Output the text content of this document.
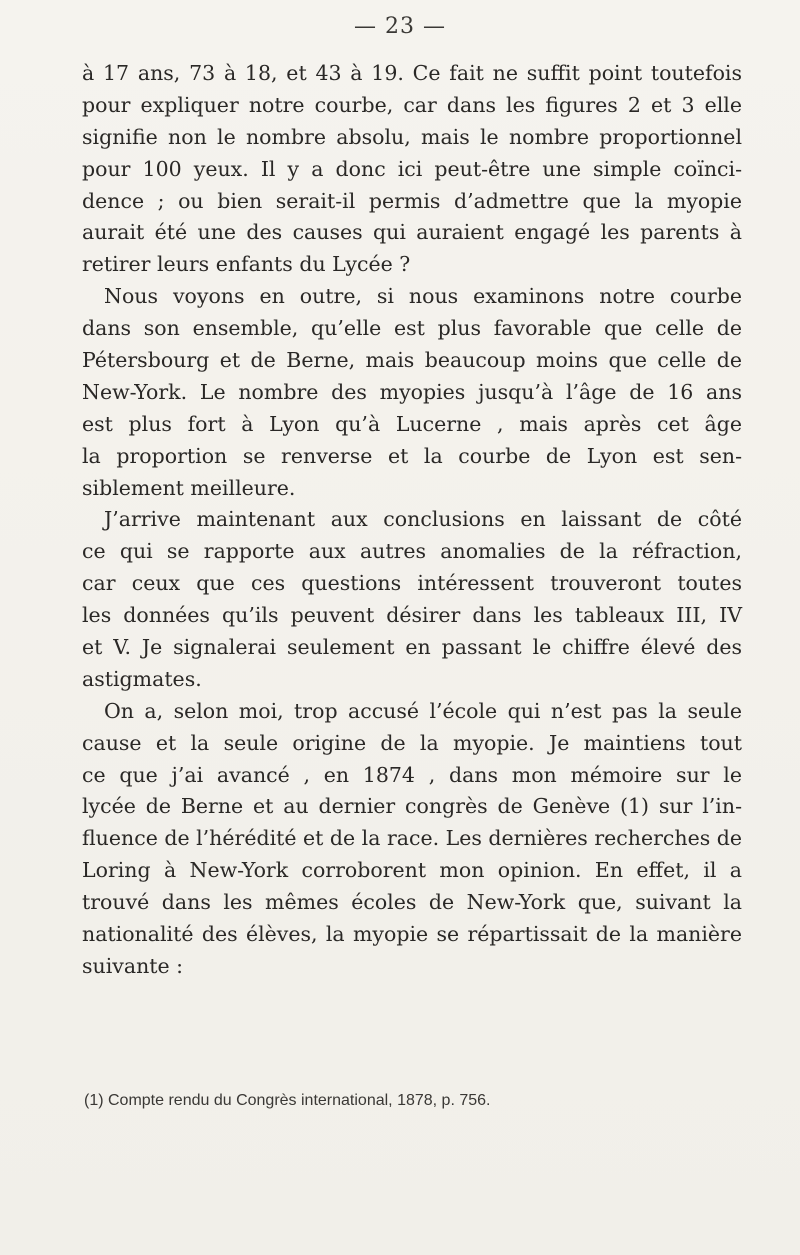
— 23 —
à 17 ans, 73 à 18, et 43 à 19. Ce fait ne suffit point toutefois
pour expliquer notre courbe, car dans les figures 2 et 3 elle
signifie non le nombre absolu, mais le nombre proportionnel
pour 100 yeux. Il y a donc ici peut-être une simple coïnci-
dence ; ou bien serait-il permis d’admettre que la myopie
aurait été une des causes qui auraient engagé les parents à
retirer leurs enfants du Lycée ?
Nous voyons en outre, si nous examinons notre courbe
dans son ensemble, qu’elle est plus favorable que celle de
Pétersbourg et de Berne, mais beaucoup moins que celle de
New-York. Le nombre des myopies jusqu’à l’âge de 16 ans
est plus fort à Lyon qu’à Lucerne , mais après cet âge
la proportion se renverse et la courbe de Lyon est sen-
siblement meilleure.
J’arrive maintenant aux conclusions en laissant de côté
ce qui se rapporte aux autres anomalies de la réfraction,
car ceux que ces questions intéressent trouveront toutes
les données qu’ils peuvent désirer dans les tableaux III, IV
et V. Je signalerai seulement en passant le chiffre élevé des
astigmates.
On a, selon moi, trop accusé l’école qui n’est pas la seule
cause et la seule origine de la myopie. Je maintiens tout
ce que j’ai avancé , en 1874 , dans mon mémoire sur le
lycée de Berne et au dernier congrès de Genève (1) sur l’in-
fluence de l’hérédité et de la race. Les dernières recherches de
Loring à New-York corroborent mon opinion. En effet, il a
trouvé dans les mêmes écoles de New-York que, suivant la
nationalité des élèves, la myopie se répartissait de la manière
suivante :
(1) Compte rendu du Congrès international, 1878, p. 756.
